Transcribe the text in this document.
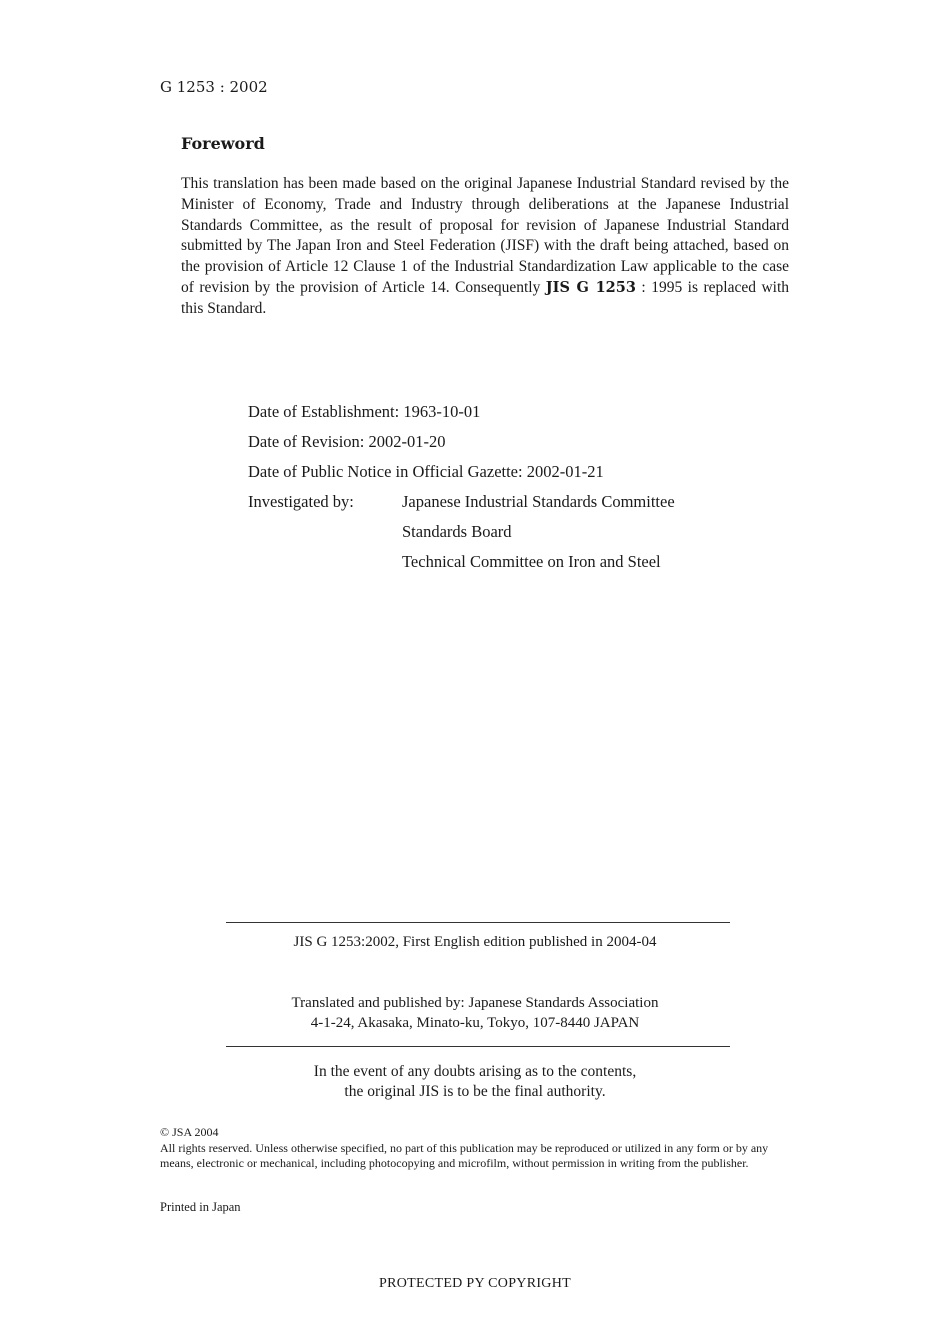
G 1253 : 2002
Foreword
This translation has been made based on the original Japanese Industrial Standard revised by the Minister of Economy, Trade and Industry through deliberations at the Japanese Industrial Standards Committee, as the result of proposal for revision of Japanese Industrial Standard submitted by The Japan Iron and Steel Federation (JISF) with the draft being attached, based on the provision of Article 12 Clause 1 of the Industrial Standardization Law applicable to the case of revision by the provision of Article 14. Consequently JIS G 1253 : 1995 is replaced with this Standard.
Date of Establishment: 1963-10-01
Date of Revision: 2002-01-20
Date of Public Notice in Official Gazette: 2002-01-21
Investigated by:	Japanese Industrial Standards Committee
Standards Board
Technical Committee on Iron and Steel
JIS G 1253:2002, First English edition published in 2004-04
Translated and published by: Japanese Standards Association
4-1-24, Akasaka, Minato-ku, Tokyo, 107-8440 JAPAN
In the event of any doubts arising as to the contents,
the original JIS is to be the final authority.
© JSA 2004
All rights reserved. Unless otherwise specified, no part of this publication may be reproduced or utilized in any form or by any means, electronic or mechanical, including photocopying and microfilm, without permission in writing from the publisher.
Printed in Japan
PROTECTED PY COPYRIGHT
